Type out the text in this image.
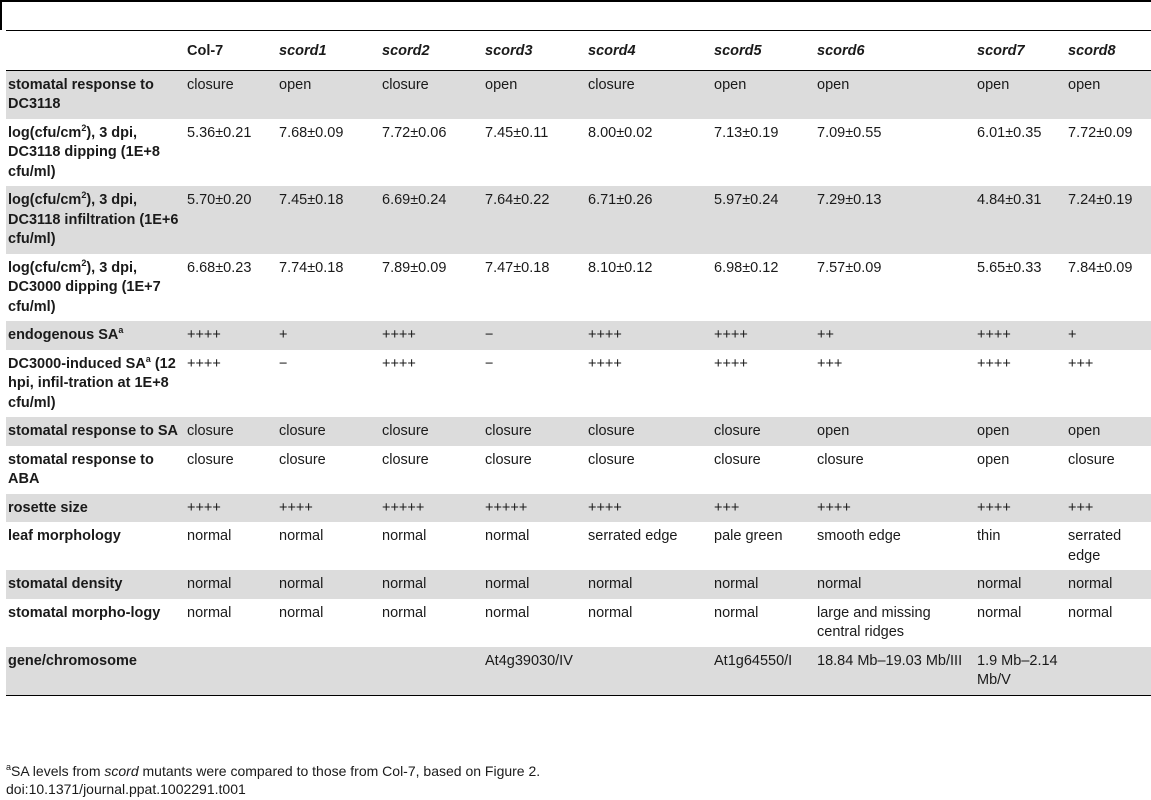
	Col-7	scord1	scord2	scord3	scord4	scord5	scord6	scord7	scord8
stomatal response to DC3118	closure	open	closure	open	closure	open	open	open	open
$\log(cfu/cm^2)$, 3 dpi, DC3118 dipping (1E+8 cfu/ml)	5.36±0.21	7.68±0.09	7.72±0.06	7.45±0.11	8.00±0.02	7.13±0.19	7.09±0.55	6.01±0.35	7.72±0.09
$\log(cfu/cm^2)$, 3 dpi, DC3118 infiltration (1E+6 cfu/ml)	5.70±0.20	7.45±0.18	6.69±0.24	7.64±0.22	6.71±0.26	5.97±0.24	7.29±0.13	4.84±0.31	7.24±0.19
$\log(cfu/cm^2)$, 3 dpi, DC3000 dipping (1E+7 cfu/ml)	6.68±0.23	7.74±0.18	7.89±0.09	7.47±0.18	8.10±0.12	6.98±0.12	7.57±0.09	5.65±0.33	7.84±0.09
endogenous $SA^a$	++++	+	++++	−	++++	++++	++	++++	+
DC3000-induced $SA^a$ (12 hpi, infil-tration at 1E+8 cfu/ml)	++++	−	++++	−	++++	++++	+++	++++	+++
stomatal response to SA	closure	closure	closure	closure	closure	closure	open	open	open
stomatal response to ABA	closure	closure	closure	closure	closure	closure	closure	open	closure
rosette size	++++	++++	+++++	+++++	++++	+++	++++	++++	+++
leaf morphology	normal	normal	normal	normal	serrated edge	pale green	smooth edge	thin	serrated edge
stomatal density	normal	normal	normal	normal	normal	normal	normal	normal	normal
stomatal morpho-logy	normal	normal	normal	normal	normal	normal	large and missing central ridges	normal	normal
gene/chromosome				At4g39030/IV		At1g64550/I	18.84 Mb–19.03 Mb/III	1.9 Mb–2.14 Mb/V	
$^a$SA levels from scord mutants were compared to those from Col-7, based on Figure 2.
doi:10.1371/journal.ppat.1002291.t001
